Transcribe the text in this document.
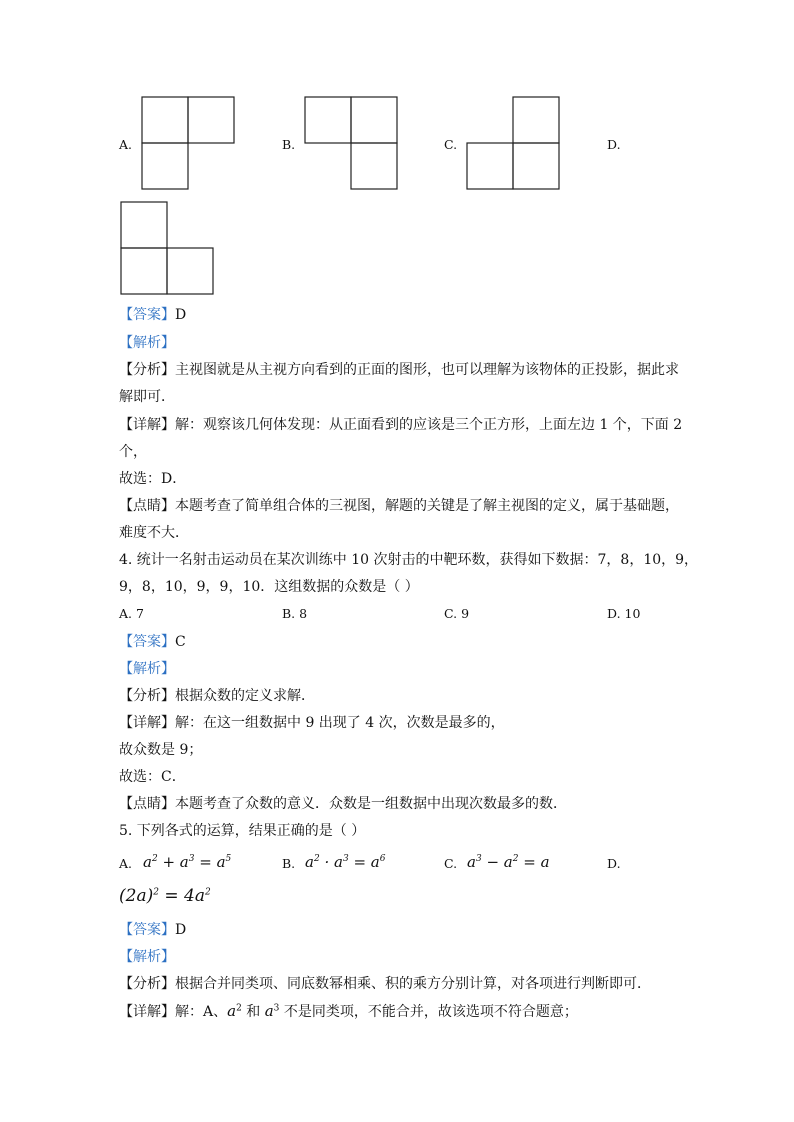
A.	B.	C.	D.
【答案】D
【解析】
【分析】主视图就是从主视方向看到的正面的图形，也可以理解为该物体的正投影，据此求
解即可．
【详解】解：观察该几何体发现：从正面看到的应该是三个正方形，上面左边 1 个，下面 2
个，
故选：D．
【点睛】本题考查了简单组合体的三视图，解题的关键是了解主视图的定义，属于基础题，
难度不大．
4. 统计一名射击运动员在某次训练中 10 次射击的中靶环数，获得如下数据：7，8，10，9，
9，8，10，9，9，10．这组数据的众数是（ ）
A. 7	B. 8	C. 9	D. 10
【答案】C
【解析】
【分析】根据众数的定义求解．
【详解】解：在这一组数据中 9 出现了 4 次，次数是最多的，
故众数是 9；
故选：C．
【点睛】本题考查了众数的意义．众数是一组数据中出现次数最多的数．
5. 下列各式的运算，结果正确的是（ ）
A. $a^2 + a^3 = a^5$	B. $a^2 \cdot a^3 = a^6$	C. $a^3 - a^2 = a$	D.
$(2a)^2 = 4a^2$
【答案】D
【解析】
【分析】根据合并同类项、同底数幂相乘、积的乘方分别计算，对各项进行判断即可．
【详解】解：A、$a^2$ 和 $a^3$ 不是同类项，不能合并，故该选项不符合题意；
